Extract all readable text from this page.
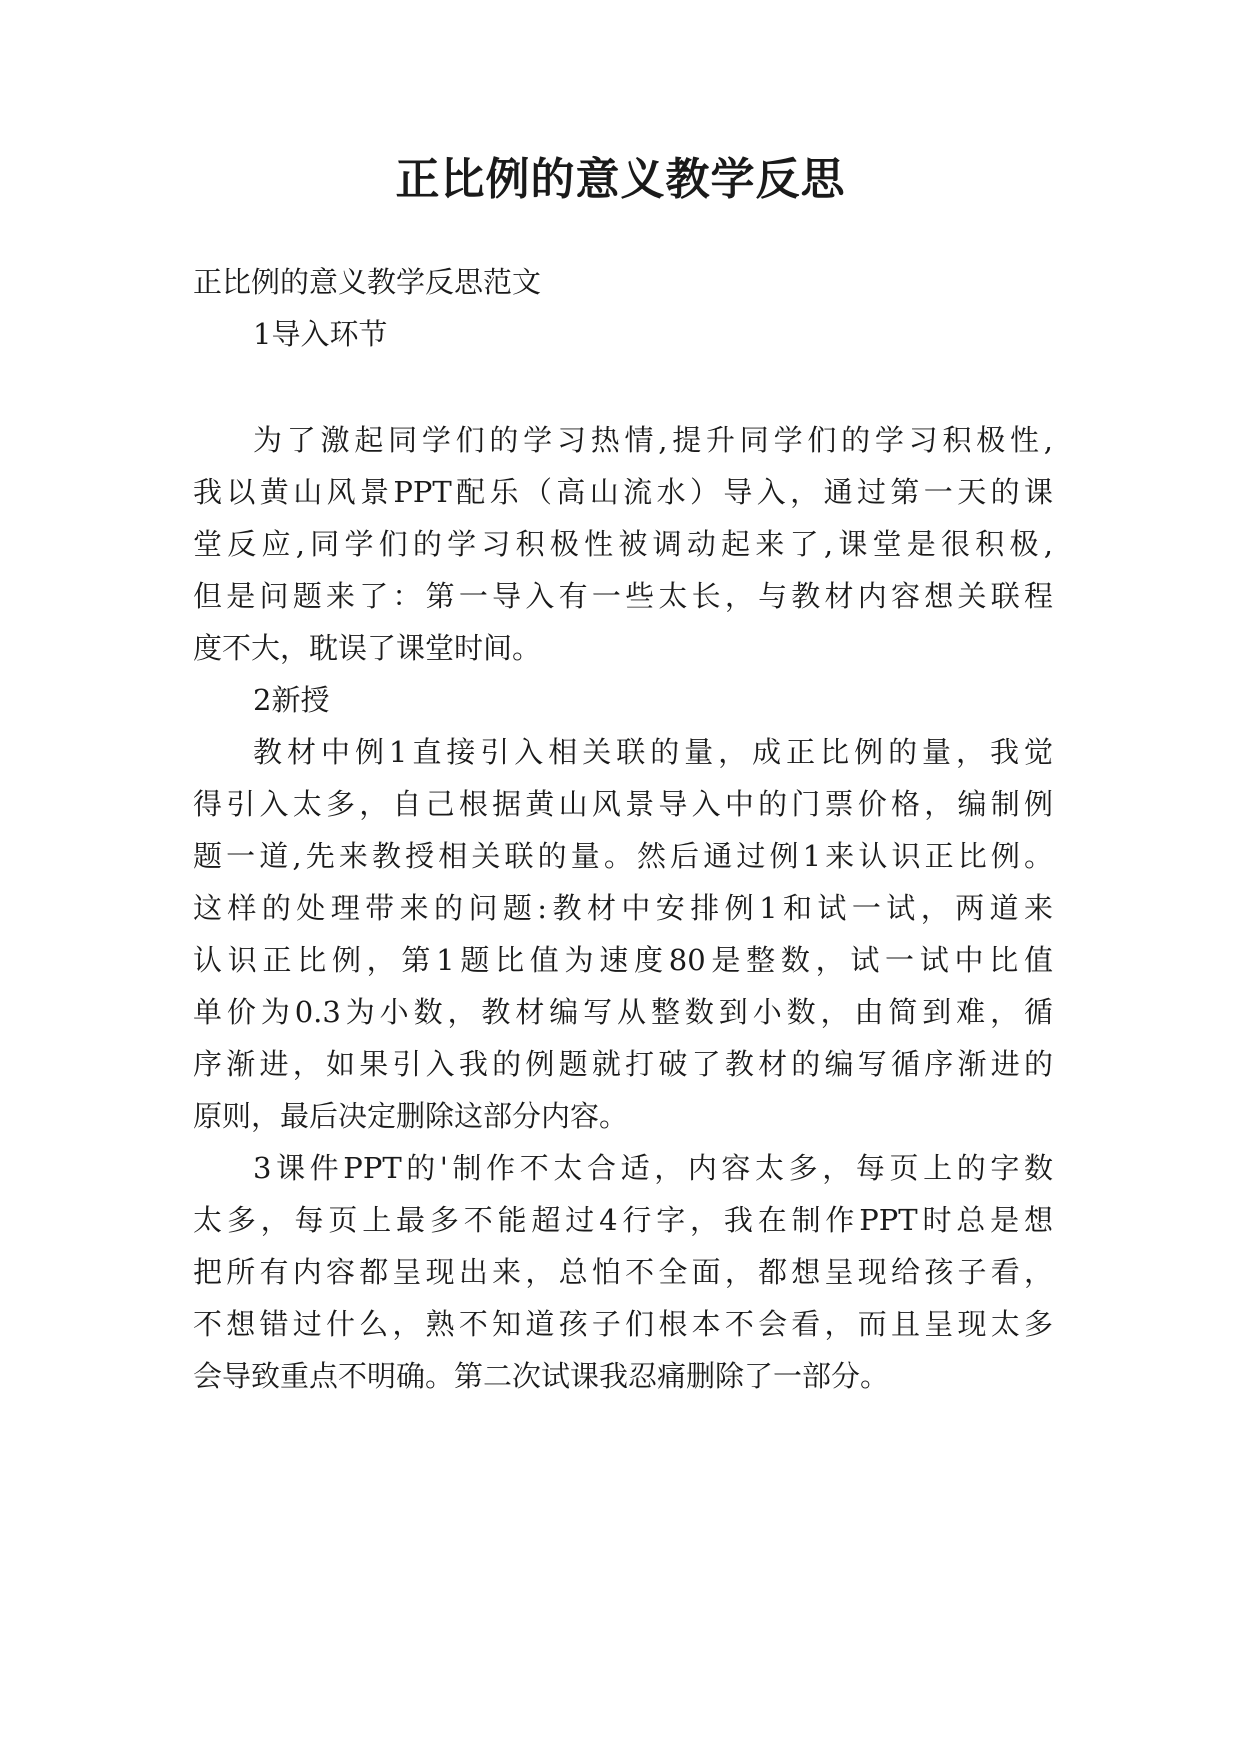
正比例的意义教学反思

正比例的意义教学反思范文

1导入环节

为了激起同学们的学习热情,提升同学们的学习积极性,

我以黄山风景PPT配乐（高山流水）导入，通过第一天的课

堂反应,同学们的学习积极性被调动起来了,课堂是很积极,

但是问题来了：第一导入有一些太长，与教材内容想关联程

度不大，耽误了课堂时间。

2新授

教材中例1直接引入相关联的量，成正比例的量，我觉

得引入太多，自己根据黄山风景导入中的门票价格，编制例

题一道,先来教授相关联的量。然后通过例1来认识正比例。

这样的处理带来的问题:教材中安排例1和试一试，两道来

认识正比例，第1题比值为速度80是整数，试一试中比值

单价为0.3为小数，教材编写从整数到小数，由简到难，循

序渐进，如果引入我的例题就打破了教材的编写循序渐进的

原则，最后决定删除这部分内容。

3课件PPT的'制作不太合适，内容太多，每页上的字数

太多，每页上最多不能超过4行字，我在制作PPT时总是想

把所有内容都呈现出来，总怕不全面，都想呈现给孩子看，

不想错过什么，熟不知道孩子们根本不会看，而且呈现太多

会导致重点不明确。第二次试课我忍痛删除了一部分。
